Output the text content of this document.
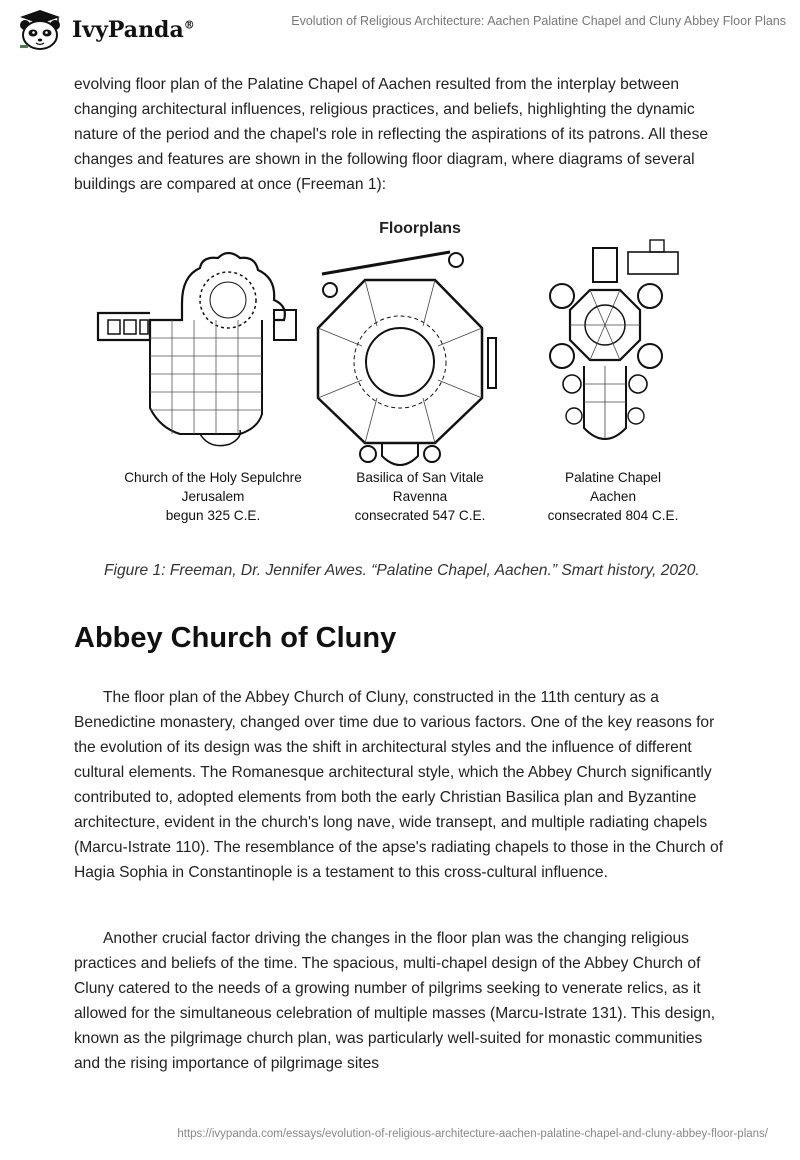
IvyPanda®	Evolution of Religious Architecture: Aachen Palatine Chapel and Cluny Abbey Floor Plans

evolving floor plan of the Palatine Chapel of Aachen resulted from the interplay between changing architectural influences, religious practices, and beliefs, highlighting the dynamic nature of the period and the chapel's role in reflecting the aspirations of its patrons. All these changes and features are shown in the following floor diagram, where diagrams of several buildings are compared at once (Freeman 1):

Floorplans
Church of the Holy Sepulchre
Jerusalem
begun 325 C.E.
Basilica of San Vitale
Ravenna
consecrated 547 C.E.
Palatine Chapel
Aachen
consecrated 804 C.E.

Figure 1: Freeman, Dr. Jennifer Awes. “Palatine Chapel, Aachen.” Smart history, 2020.

Abbey Church of Cluny

The floor plan of the Abbey Church of Cluny, constructed in the 11th century as a Benedictine monastery, changed over time due to various factors. One of the key reasons for the evolution of its design was the shift in architectural styles and the influence of different cultural elements. The Romanesque architectural style, which the Abbey Church significantly contributed to, adopted elements from both the early Christian Basilica plan and Byzantine architecture, evident in the church's long nave, wide transept, and multiple radiating chapels (Marcu-Istrate 110). The resemblance of the apse's radiating chapels to those in the Church of Hagia Sophia in Constantinople is a testament to this cross-cultural influence.

Another crucial factor driving the changes in the floor plan was the changing religious practices and beliefs of the time. The spacious, multi-chapel design of the Abbey Church of Cluny catered to the needs of a growing number of pilgrims seeking to venerate relics, as it allowed for the simultaneous celebration of multiple masses (Marcu-Istrate 131). This design, known as the pilgrimage church plan, was particularly well-suited for monastic communities and the rising importance of pilgrimage sites

https://ivypanda.com/essays/evolution-of-religious-architecture-aachen-palatine-chapel-and-cluny-abbey-floor-plans/
